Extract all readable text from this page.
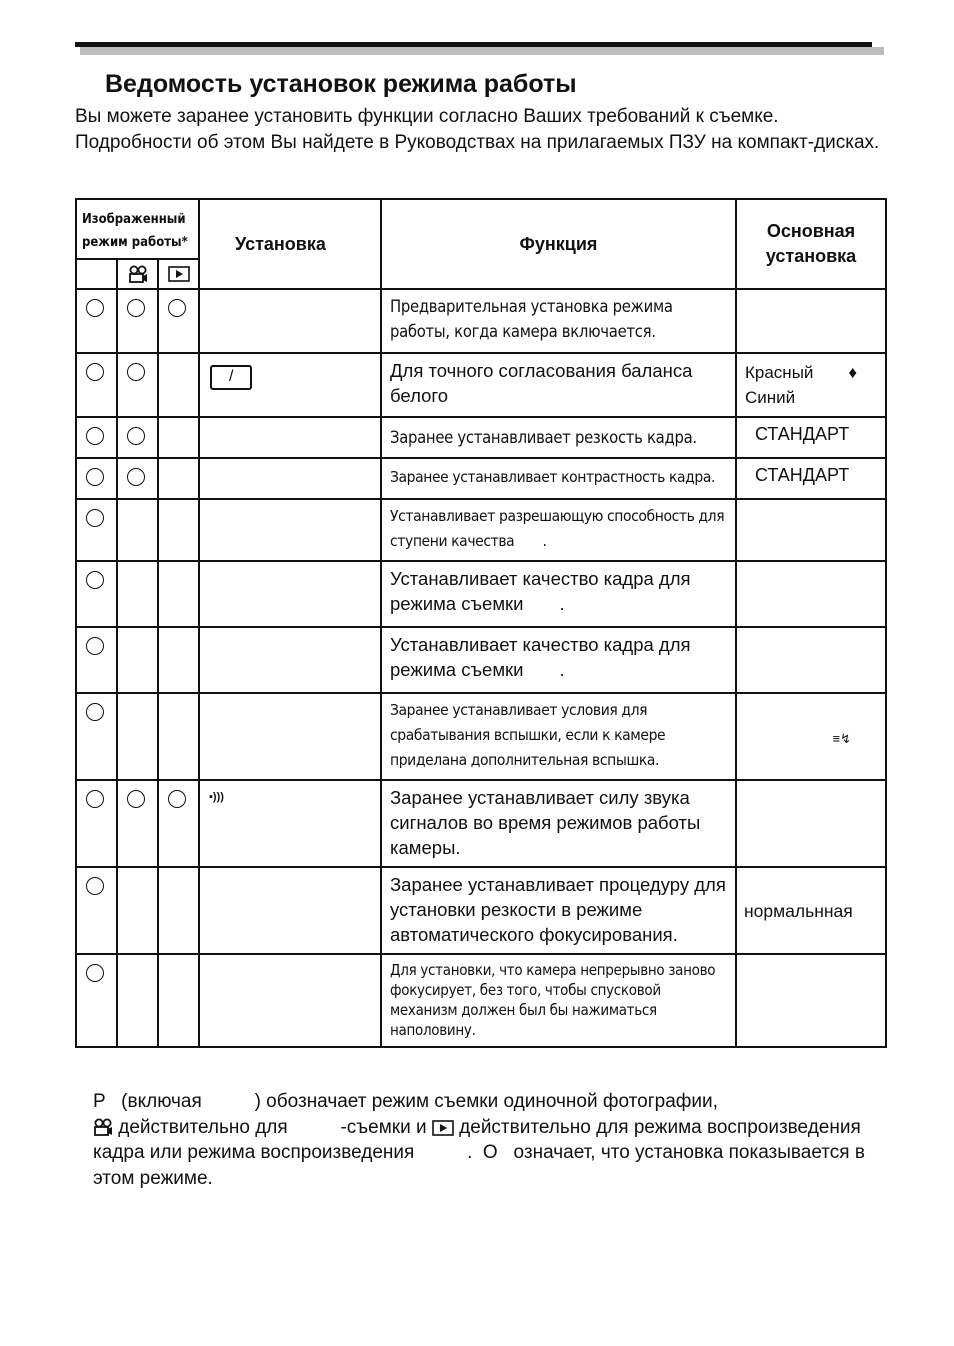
Ведомость установок режима работы

Вы можете заранее установить функции согласно Ваших требований к съемке. Подробности об этом Вы найдете в Руководствах на прилагаемых ПЗУ на компакт-дисках.

Изображенный
режим работы*			Установка	Функция	Основная
установка

				Предварительная установка режима работы, когда камера включается.	

			/	Для точного согласования баланса белого	Красный ♦

Синий
				Заранее устанавливает резкость кадра.	СТАНДАРТ
				Заранее устанавливает контрастность кадра.	СТАНДАРТ
				Устанавливает разрешающую способность для ступени качества       .	
				Устанавливает качество кадра для режима съемки       .	
				Устанавливает качество кадра для режима съемки       .	
				Заранее устанавливает условия для срабатывания вспышки, если к камере приделана дополнительная вспышка.	≡↯
			▪)))	Заранее устанавливает силу звука сигналов во время режимов работы камеры.	
				Заранее устанавливает процедуру для установки резкости в режиме автоматического фокусирования.	нормальнная
				Для установки, что камера непрерывно заново фокусирует, без того, чтобы спусковой механизм должен был бы нажиматься наполовину.	

P   (включая          ) обозначает режим съемки одиночной фотографии,
действительно для          -съемки и  действительно для режима воспроизведения кадра или режима воспроизведения          .  O   означает, что установка показывается в этом режиме.
